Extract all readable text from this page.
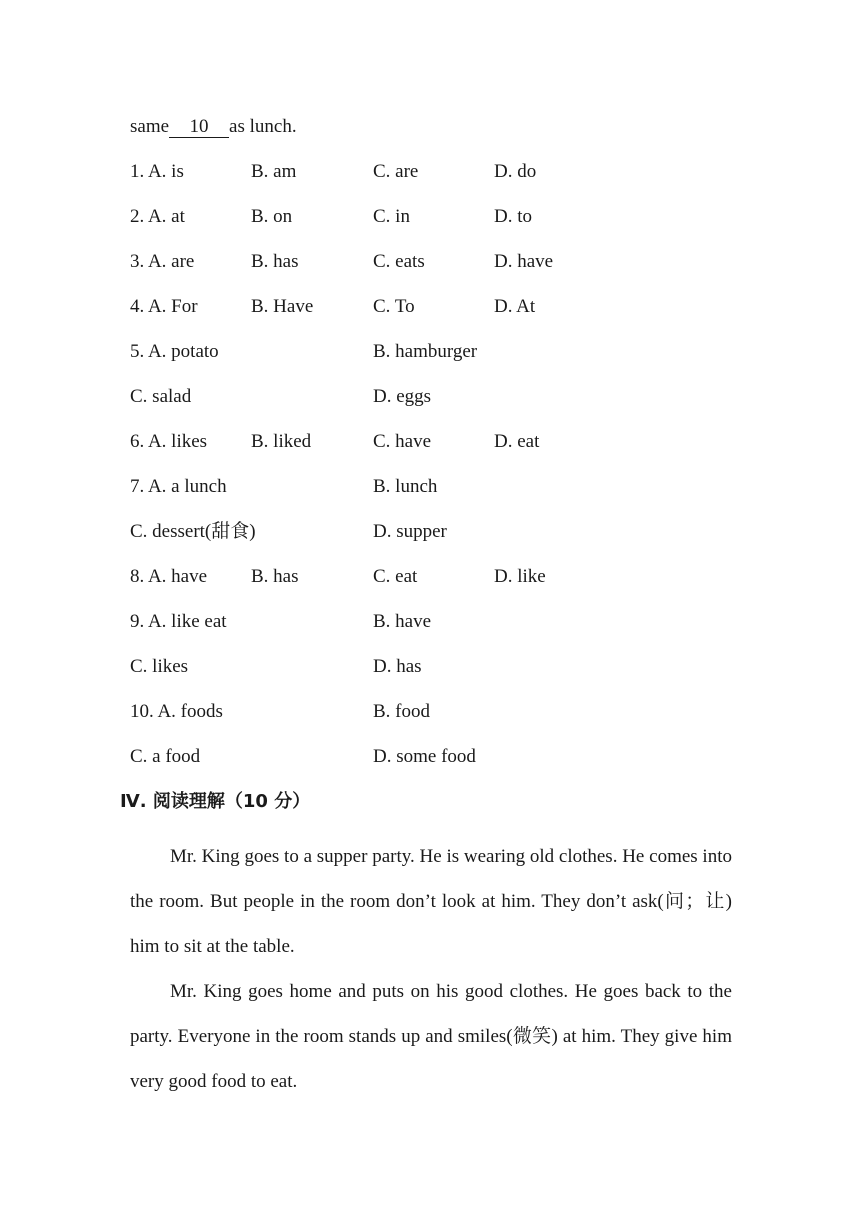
same 10 as lunch.
1. A. is	B. am	C. are	D. do
2. A. at	B. on	C. in	D. to
3. A. are	B. has	C. eats	D. have
4. A. For	B. Have	C. To	D. At
5. A. potato	B. hamburger
C. salad	D. eggs
6. A. likes B. liked	C. have	D. eat
7. A. a lunch	B. lunch
C. dessert(甜食)	D. supper
8. A. have B. has	C. eat	D. like
9. A. like eat	B. have
C. likes	D. has
10. A. foods	B. food
C. a food	D. some food
Ⅳ. 阅读理解（10 分）

Mr. King goes to a supper party. He is wearing old clothes. He comes into the room. But people in the room don’t look at him. They don’t ask(问；让) him to sit at the table.

Mr. King goes home and puts on his good clothes. He goes back to the party. Everyone in the room stands up and smiles(微笑) at him. They give him very good food to eat.
